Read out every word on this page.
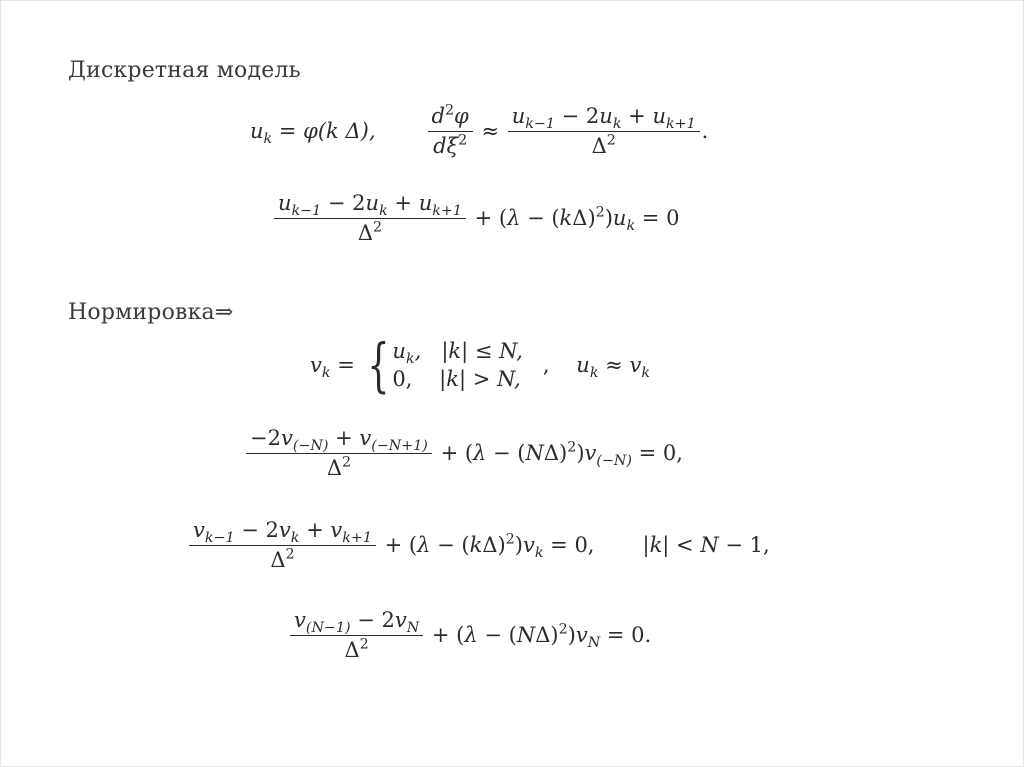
Дискретная модель
$u_k = \varphi(k$ Δ), $\frac{d^2\varphi}{d\xi^2} \approx \frac{u_{k-1} - 2u_k + u_{k+1}}{\Delta^2}$ .
$\frac{u_{k-1} - 2u_k + u_{k+1}}{\Delta^2} + (\lambda - (k\Delta)^2)u_k = 0$
Нормировка⇒
$v_k$ = { $u_k$,   |k| ≤ N,
0, |k| > N,
,    $u_k \approx v_k$
$\frac{-2v_{(-N)} + v_{(-N+1)}}{\Delta^2} + (\lambda - (N\Delta)^2)v_{(-N)} = 0$,
$\frac{v_{k-1} - 2v_k + v_{k+1}}{\Delta^2} + (\lambda - (k\Delta)^2)v_k = 0$, |k| < N − 1,
$\frac{v_{(N-1)} - 2v_N}{\Delta^2} + (\lambda - (N\Delta)^2)v_N = 0$.
